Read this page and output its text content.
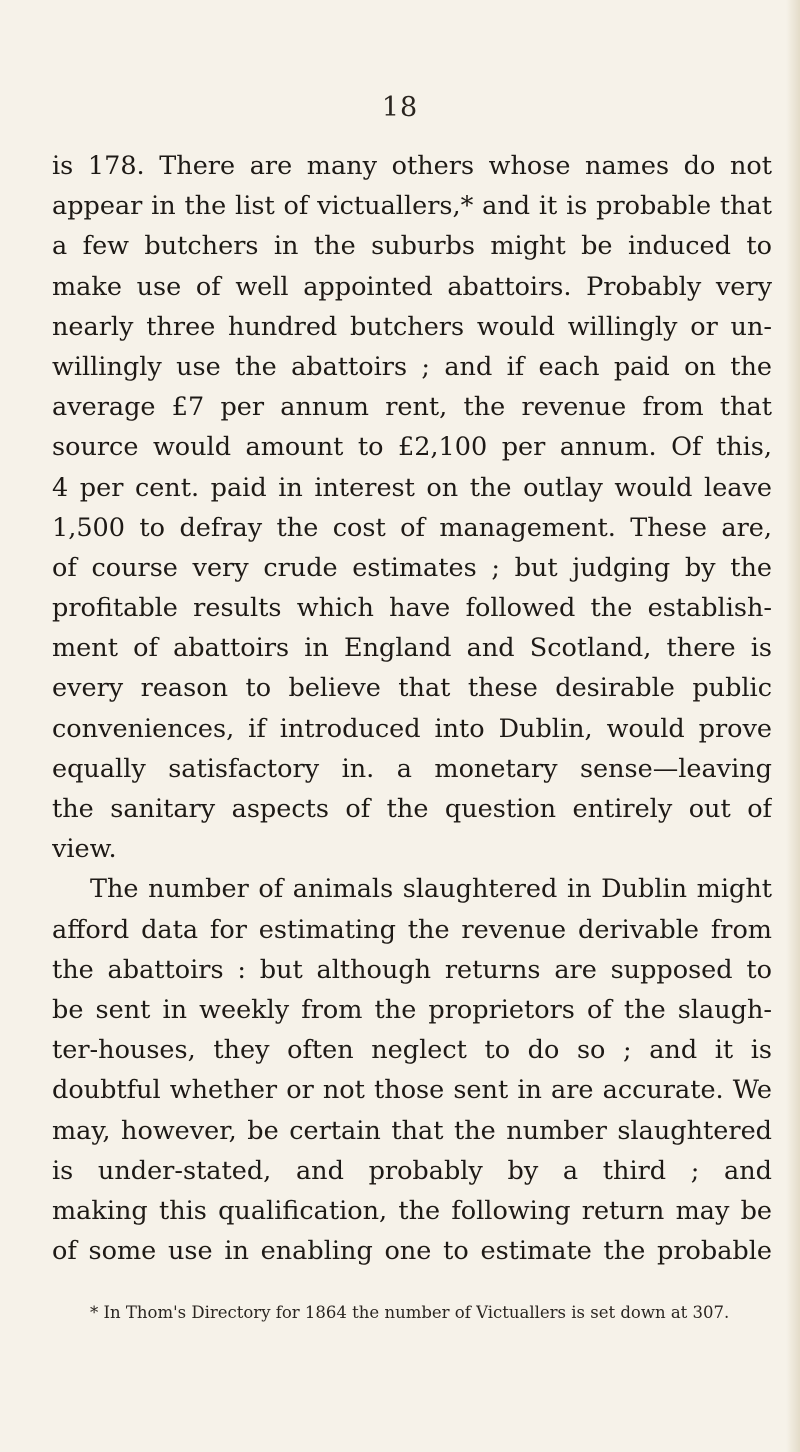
18
is 178. There are many others whose names do not
appear in the list of victuallers,* and it is probable that
a few butchers in the suburbs might be induced to
make use of well appointed abattoirs. Probably very
nearly three hundred butchers would willingly or un-
willingly use the abattoirs ; and if each paid on the
average £7 per annum rent, the revenue from that
source would amount to £2,100 per annum. Of this,
4 per cent. paid in interest on the outlay would leave
1,500 to defray the cost of management. These are,
of course very crude estimates ; but judging by the
profitable results which have followed the establish-
ment of abattoirs in England and Scotland, there is
every reason to believe that these desirable public
conveniences, if introduced into Dublin, would prove
equally satisfactory in. a monetary sense—leaving
the sanitary aspects of the question entirely out of
view.
The number of animals slaughtered in Dublin might
afford data for estimating the revenue derivable from
the abattoirs : but although returns are supposed to
be sent in weekly from the proprietors of the slaugh-
ter-houses, they often neglect to do so ; and it is
doubtful whether or not those sent in are accurate. We
may, however, be certain that the number slaughtered
is under-stated, and probably by a third ; and
making this qualification, the following return may be
of some use in enabling one to estimate the probable
* In Thom's Directory for 1864 the number of Victuallers is set down at 307.
